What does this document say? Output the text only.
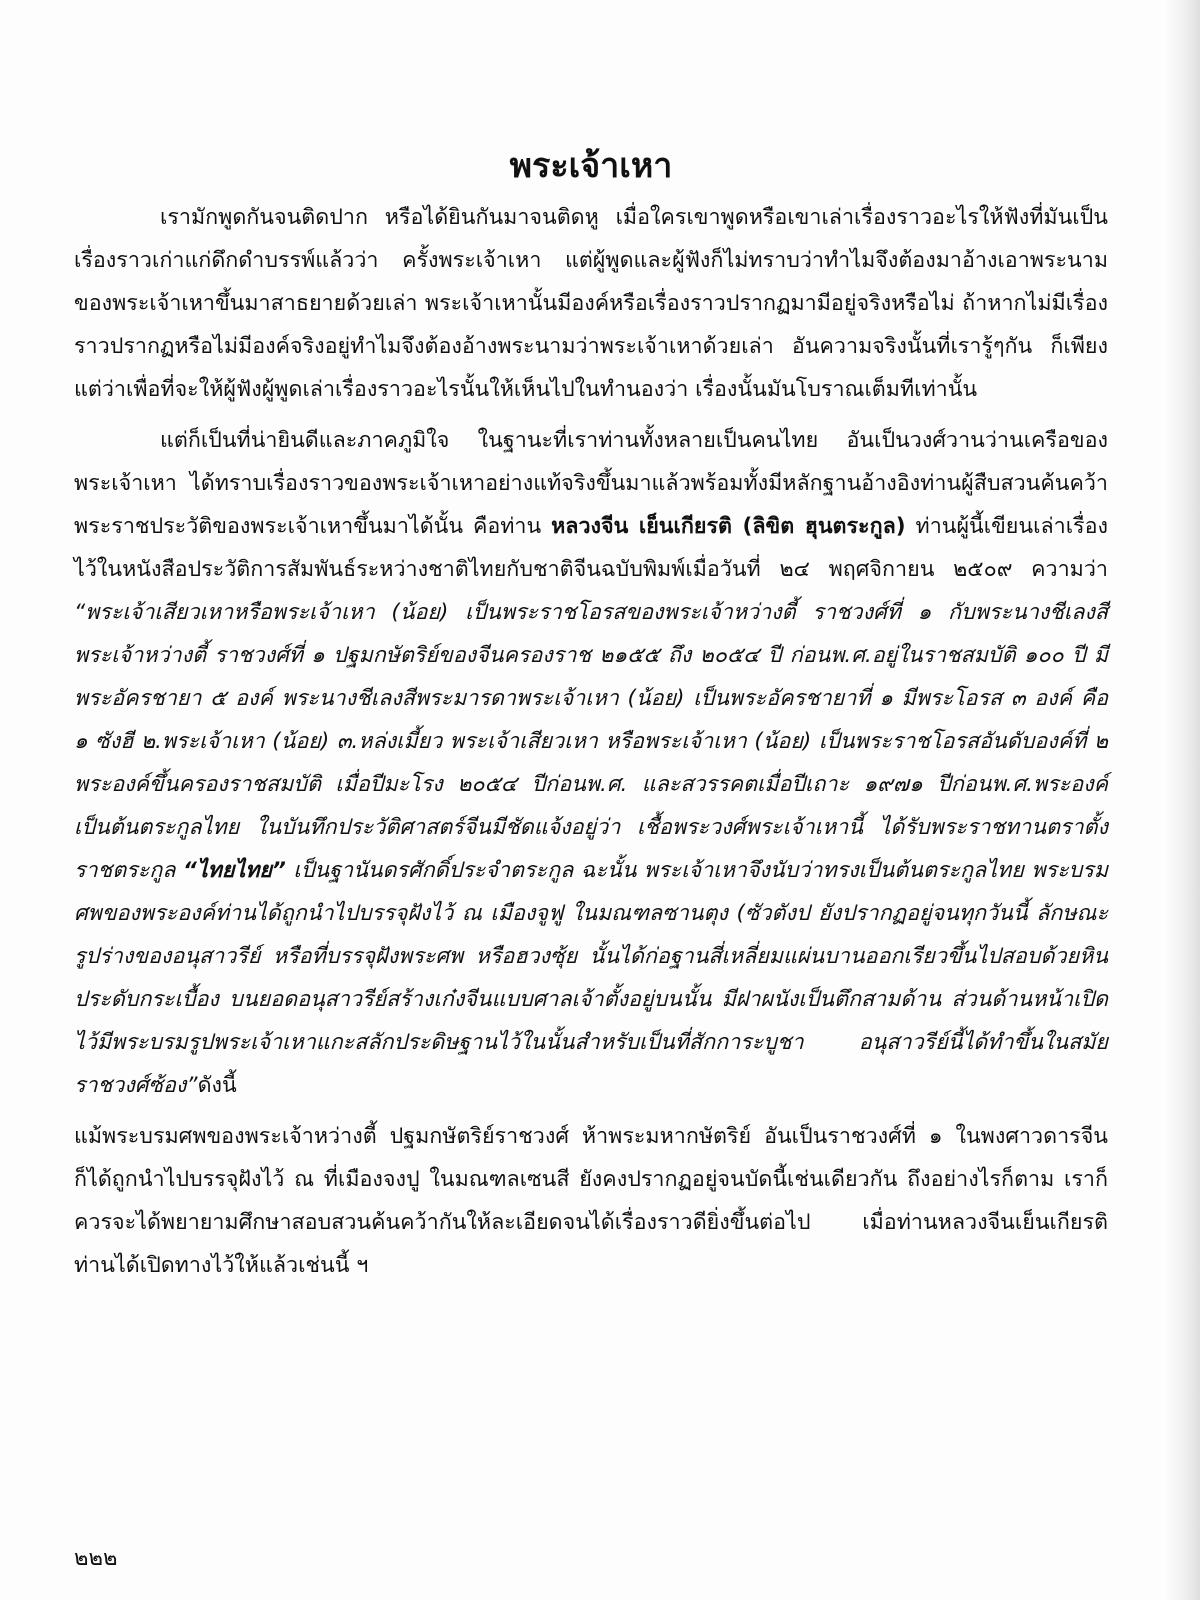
พระเจ้าเหา

เรามักพูดกันจนติดปาก หรือได้ยินกันมาจนติดหู เมื่อใครเขาพูดหรือเขาเล่าเรื่องราวอะไรให้ฟังที่มันเป็นเรื่องราวเก่าแก่ดึกดำบรรพ์แล้วว่า ครั้งพระเจ้าเหา แต่ผู้พูดและผู้ฟังก็ไม่ทราบว่าทำไมจึงต้องมาอ้างเอาพระนามของพระเจ้าเหาขึ้นมาสาธยายด้วยเล่า พระเจ้าเหานั้นมีองค์หรือเรื่องราวปรากฏมามีอยู่จริงหรือไม่ ถ้าหากไม่มีเรื่องราวปรากฏหรือไม่มีองค์จริงอยู่ทำไมจึงต้องอ้างพระนามว่าพระเจ้าเหาด้วยเล่า อันความจริงนั้นที่เรารู้ๆกัน ก็เพียงแต่ว่าเพื่อที่จะให้ผู้ฟังผู้พูดเล่าเรื่องราวอะไรนั้นให้เห็นไปในทำนองว่า เรื่องนั้นมันโบราณเต็มทีเท่านั้น

แต่ก็เป็นที่น่ายินดีและภาคภูมิใจ ในฐานะที่เราท่านทั้งหลายเป็นคนไทย อันเป็นวงศ์วานว่านเครือของพระเจ้าเหา ได้ทราบเรื่องราวของพระเจ้าเหาอย่างแท้จริงขึ้นมาแล้วพร้อมทั้งมีหลักฐานอ้างอิงท่านผู้สืบสวนค้นคว้าพระราชประวัติของพระเจ้าเหาขึ้นมาได้นั้น คือท่าน หลวงจีน เย็นเกียรติ (ลิขิต ฮุนตระกูล) ท่านผู้นี้เขียนเล่าเรื่องไว้ในหนังสือประวัติการสัมพันธ์ระหว่างชาติไทยกับชาติจีนฉบับพิมพ์เมื่อวันที่ ๒๔ พฤศจิกายน ๒๕๐๙ ความว่า “พระเจ้าเสียวเหาหรือพระเจ้าเหา (น้อย) เป็นพระราชโอรสของพระเจ้าหว่างตี้ ราชวงศ์ที่ ๑ กับพระนางชีเลงสี พระเจ้าหว่างตี้ ราชวงศ์ที่ ๑ ปฐมกษัตริย์ของจีนครองราช ๒๑๕๕ ถึง ๒๐๕๔ ปี ก่อนพ.ศ.อยู่ในราชสมบัติ ๑๐๐ ปี มีพระอัครชายา ๕ องค์ พระนางชีเลงสีพระมารดาพระเจ้าเหา (น้อย) เป็นพระอัครชายาที่ ๑ มีพระโอรส ๓ องค์ คือ ๑ ซังฮี ๒.พระเจ้าเหา (น้อย) ๓.หล่งเมี้ยว พระเจ้าเสียวเหา หรือพระเจ้าเหา (น้อย) เป็นพระราชโอรสอันดับองค์ที่ ๒ พระองค์ขึ้นครองราชสมบัติ เมื่อปีมะโรง ๒๐๕๔ ปีก่อนพ.ศ. และสวรรคตเมื่อปีเถาะ ๑๙๗๑ ปีก่อนพ.ศ.พระองค์เป็นต้นตระกูลไทย ในบันทึกประวัติศาสตร์จีนมีชัดแจ้งอยู่ว่า เชื้อพระวงศ์พระเจ้าเหานี้ ได้รับพระราชทานตราตั้งราชตระกูล “ไทยไทย” เป็นฐานันดรศักดิ์ประจำตระกูล ฉะนั้น พระเจ้าเหาจึงนับว่าทรงเป็นต้นตระกูลไทย พระบรมศพของพระองค์ท่านได้ถูกนำไปบรรจุฝังไว้ ณ เมืองจูฟู ในมณฑลซานตุง (ซัวตังป ยังปรากฏอยู่จนทุกวันนี้ ลักษณะรูปร่างของอนุสาวรีย์ หรือที่บรรจุฝังพระศพ หรือฮวงซุ้ย นั้นได้ก่อฐานสี่เหลี่ยมแผ่นบานออกเรียวขึ้นไปสอบด้วยหินประดับกระเบื้อง บนยอดอนุสาวรีย์สร้างเก๋งจีนแบบศาลเจ้าตั้งอยู่บนนั้น มีฝาผนังเป็นตึกสามด้าน ส่วนด้านหน้าเปิดไว้มีพระบรมรูปพระเจ้าเหาแกะสลักประดิษฐานไว้ในนั้นสำหรับเป็นที่สักการะบูชา อนุสาวรีย์นี้ได้ทำขึ้นในสมัยราชวงศ์ซ้อง”ดังนี้

แม้พระบรมศพของพระเจ้าหว่างตี้ ปฐมกษัตริย์ราชวงศ์ ห้าพระมหากษัตริย์ อันเป็นราชวงศ์ที่ ๑ ในพงศาวดารจีน ก็ได้ถูกนำไปบรรจุฝังไว้ ณ ที่เมืองจงปู ในมณฑลเซนสี ยังคงปรากฏอยู่จนบัดนี้เช่นเดียวกัน ถึงอย่างไรก็ตาม เราก็ควรจะได้พยายามศึกษาสอบสวนค้นคว้ากันให้ละเอียดจนได้เรื่องราวดียิ่งขึ้นต่อไป เมื่อท่านหลวงจีนเย็นเกียรติ ท่านได้เปิดทางไว้ให้แล้วเช่นนี้ ฯ

๒๒๒
